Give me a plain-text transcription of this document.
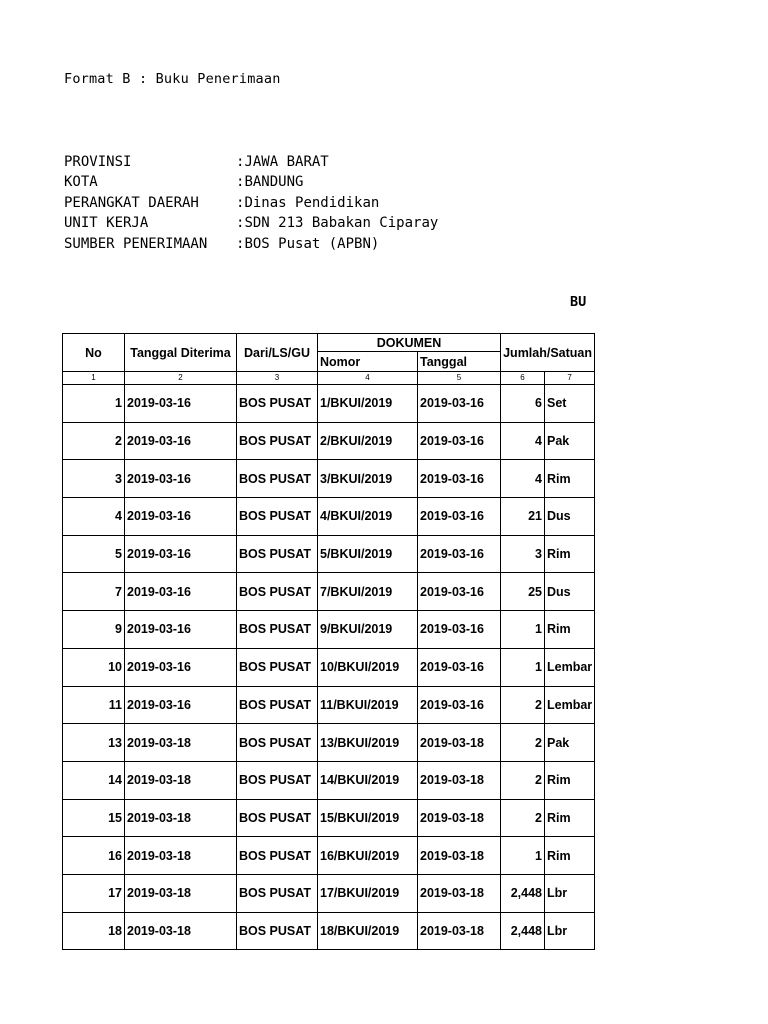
Format B : Buku Penerimaan
PROVINSI	:JAWA BARAT
KOTA	:BANDUNG
PERANGKAT DAERAH	:Dinas Pendidikan
UNIT KERJA	:SDN 213 Babakan Ciparay
SUMBER PENERIMAAN :BOS Pusat (APBN)
BU
No	Tanggal Diterima	Dari/LS/GU	DOKUMEN		Jumlah/Satuan	
			Nomor	Tanggal		
1	2	3	4	5	6	7
1	2019-03-16	BOS PUSAT	1/BKUI/2019	2019-03-16	6	Set
2	2019-03-16	BOS PUSAT	2/BKUI/2019	2019-03-16	4	Pak
3	2019-03-16	BOS PUSAT	3/BKUI/2019	2019-03-16	4	Rim
4	2019-03-16	BOS PUSAT	4/BKUI/2019	2019-03-16	21	Dus
5	2019-03-16	BOS PUSAT	5/BKUI/2019	2019-03-16	3	Rim
7	2019-03-16	BOS PUSAT	7/BKUI/2019	2019-03-16	25	Dus
9	2019-03-16	BOS PUSAT	9/BKUI/2019	2019-03-16	1	Rim
10	2019-03-16	BOS PUSAT	10/BKUI/2019	2019-03-16	1	Lembar
11	2019-03-16	BOS PUSAT	11/BKUI/2019	2019-03-16	2	Lembar
13	2019-03-18	BOS PUSAT	13/BKUI/2019	2019-03-18	2	Pak
14	2019-03-18	BOS PUSAT	14/BKUI/2019	2019-03-18	2	Rim
15	2019-03-18	BOS PUSAT	15/BKUI/2019	2019-03-18	2	Rim
16	2019-03-18	BOS PUSAT	16/BKUI/2019	2019-03-18	1	Rim
17	2019-03-18	BOS PUSAT	17/BKUI/2019	2019-03-18	2,448	Lbr
18	2019-03-18	BOS PUSAT	18/BKUI/2019	2019-03-18	2,448	Lbr
